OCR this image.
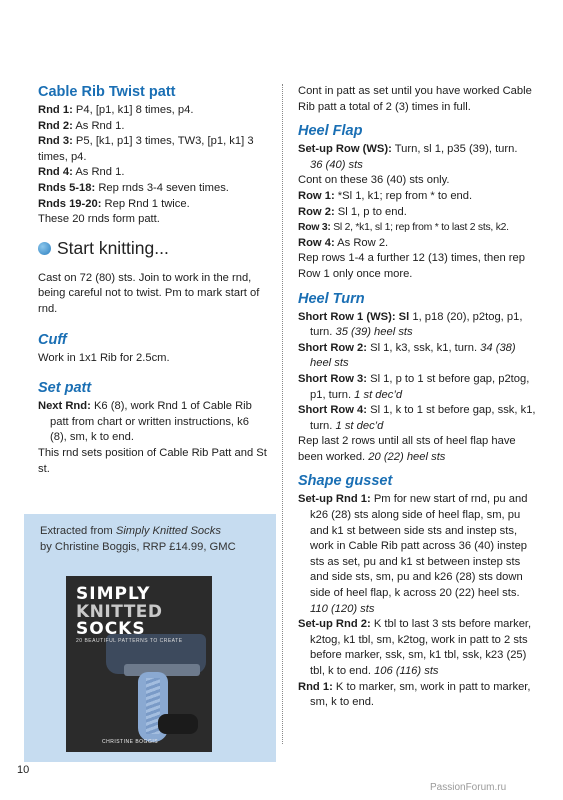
Cable Rib Twist patt

Rnd 1: P4, [p1, k1] 8 times, p4.

Rnd 2: As Rnd 1.

Rnd 3: P5, [k1, p1] 3 times, TW3, [p1, k1] 3 times, p4.

Rnd 4: As Rnd 1.

Rnds 5-18: Rep rnds 3-4 seven times.

Rnds 19-20: Rep Rnd 1 twice.

These 20 rnds form patt.

Start knitting...

Cast on 72 (80) sts. Join to work in the rnd, being careful not to twist. Pm to mark start of rnd.

Cuff

Work in 1x1 Rib for 2.5cm.

Set patt

Next Rnd: K6 (8), work Rnd 1 of Cable Rib patt from chart or written instructions, k6 (8), sm, k to end.

This rnd sets position of Cable Rib Patt and St st.

Extracted from Simply Knitted Socks
by Christine Boggis, RRP £14.99, GMC
SIMPLY
KNITTED
SOCKS
20 BEAUTIFUL PATTERNS TO CREATE
CHRISTINE BOGGIS

Cont in patt as set until you have worked Cable Rib patt a total of 2 (3) times in full.

Heel Flap

Set-up Row (WS): Turn, sl 1, p35 (39), turn.

36 (40) sts

Cont on these 36 (40) sts only.

Row 1: *Sl 1, k1; rep from * to end.

Row 2: Sl 1, p to end.

Row 3: Sl 2, *k1, sl 1; rep from * to last 2 sts, k2.

Row 4: As Row 2.

Rep rows 1-4 a further 12 (13) times, then rep Row 1 only once more.

Heel Turn

Short Row 1 (WS): Sl 1, p18 (20), p2tog, p1, turn. 35 (39) heel sts

Short Row 2: Sl 1, k3, ssk, k1, turn. 34 (38) heel sts

Short Row 3: Sl 1, p to 1 st before gap, p2tog, p1, turn. 1 st dec’d

Short Row 4: Sl 1, k to 1 st before gap, ssk, k1, turn. 1 st dec’d

Rep last 2 rows until all sts of heel flap have been worked. 20 (22) heel sts

Shape gusset

Set-up Rnd 1: Pm for new start of rnd, pu and k26 (28) sts along side of heel flap, sm, pu and k1 st between side sts and instep sts, work in Cable Rib patt across 36 (40) instep sts as set, pu and k1 st between instep sts and side sts, sm, pu and k26 (28) sts down side of heel flap, k across 20 (22) heel sts. 110 (120) sts

Set-up Rnd 2: K tbl to last 3 sts before marker, k2tog, k1 tbl, sm, k2tog, work in patt to 2 sts before marker, ssk, sm, k1 tbl, ssk, k23 (25) tbl, k to end. 106 (116) sts

Rnd 1: K to marker, sm, work in patt to marker, sm, k to end.

10
PassionForum.ru
